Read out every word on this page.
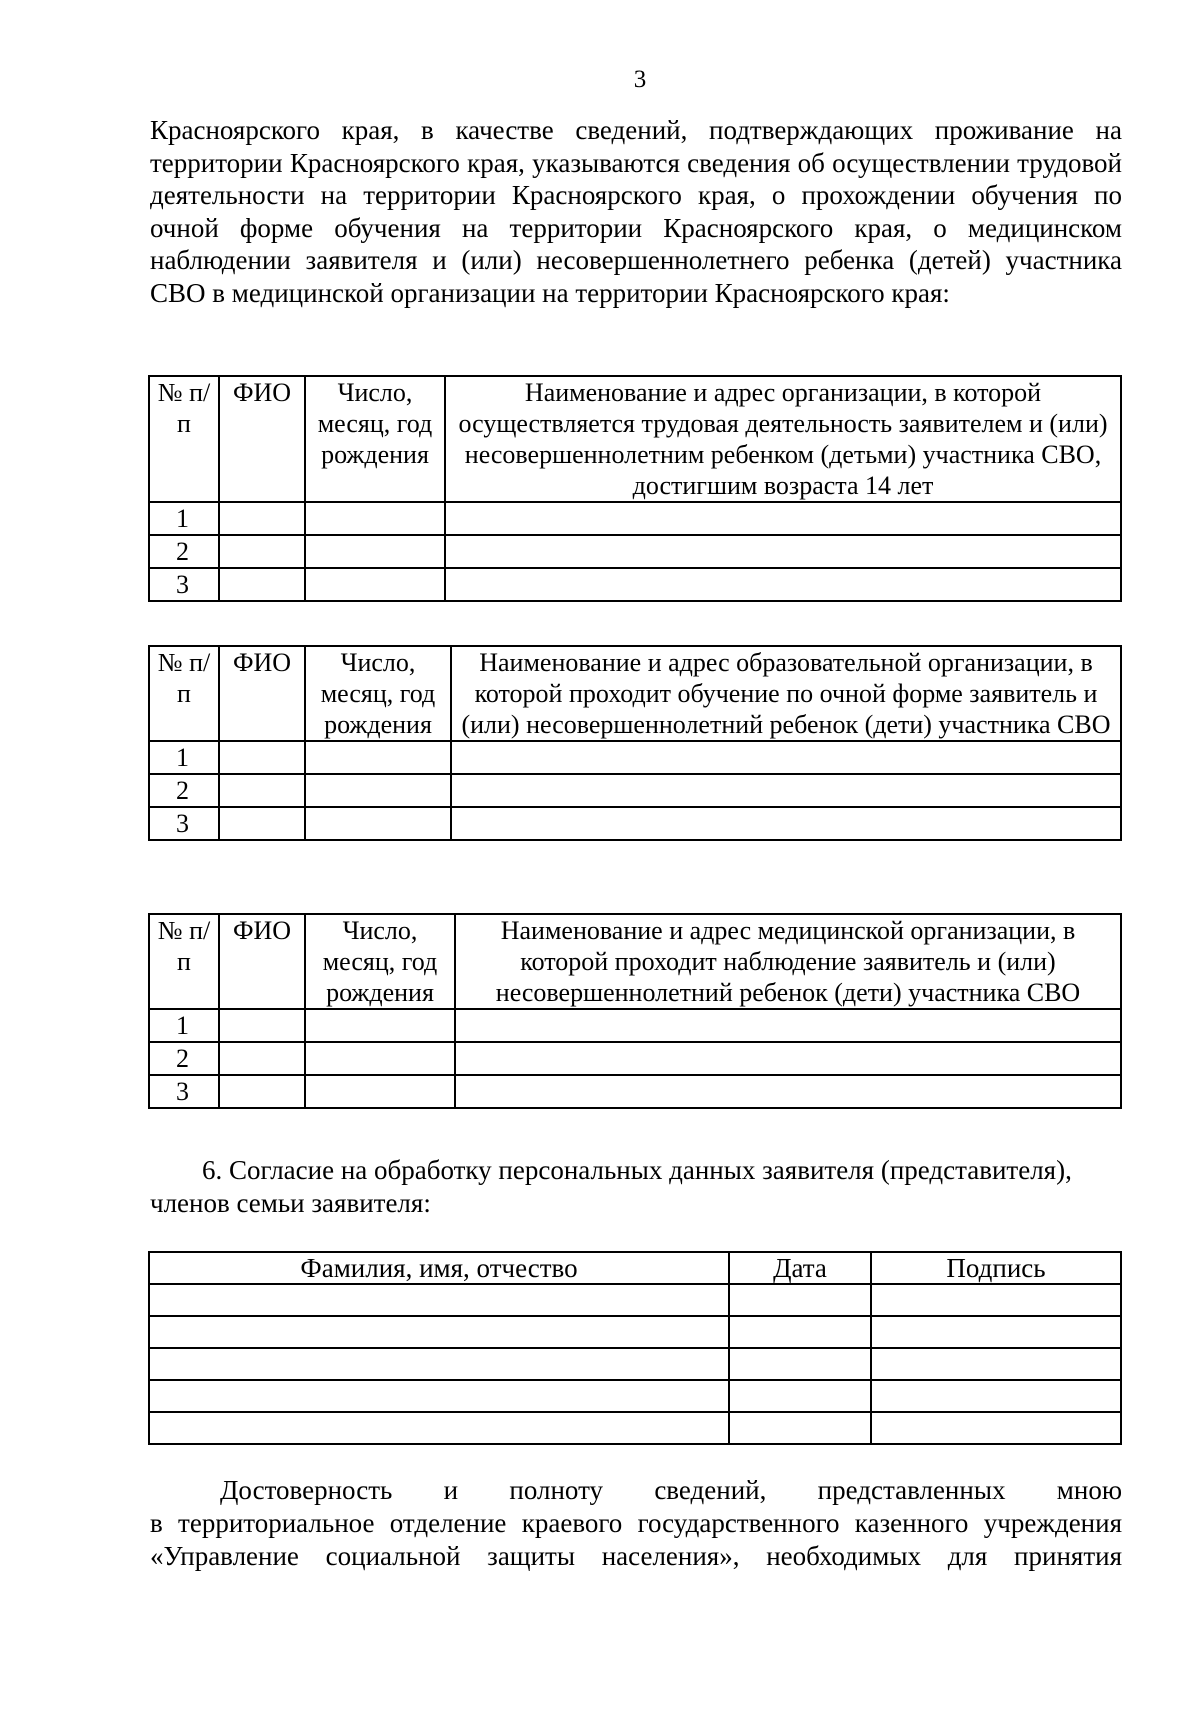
3
Красноярского края, в качестве сведений, подтверждающих проживание на территории Красноярского края, указываются сведения об осуществлении трудовой деятельности на территории Красноярского края, о прохождении обучения по очной форме обучения на территории Красноярского края, о медицинском наблюдении заявителя и (или) несовершеннолетнего ребенка (детей) участника СВО в медицинской организации на территории Красноярского края:
№ п/п	ФИО	Число, месяц, год рождения	Наименование и адрес организации, в которой осуществляется трудовая деятельность заявителем и (или) несовершеннолетним ребенком (детьми) участника СВО, достигшим возраста 14 лет
1			
2			
3			
№ п/п	ФИО	Число, месяц, год рождения	Наименование и адрес образовательной организации, в которой проходит обучение по очной форме заявитель и (или) несовершеннолетний ребенок (дети) участника СВО
1			
2			
3			
№ п/п	ФИО	Число, месяц, год рождения	Наименование и адрес медицинской организации, в которой проходит наблюдение заявитель и (или) несовершеннолетний ребенок (дети) участника СВО
1			
2			
3			
6. Согласие на обработку персональных данных заявителя (представителя),
членов семьи заявителя:
Фамилия, имя, отчество	Дата	Подпись

Достоверность и полноту сведений, представленных мною
в территориальное отделение краевого государственного казенного учреждения
«Управление социальной защиты населения», необходимых для принятия
